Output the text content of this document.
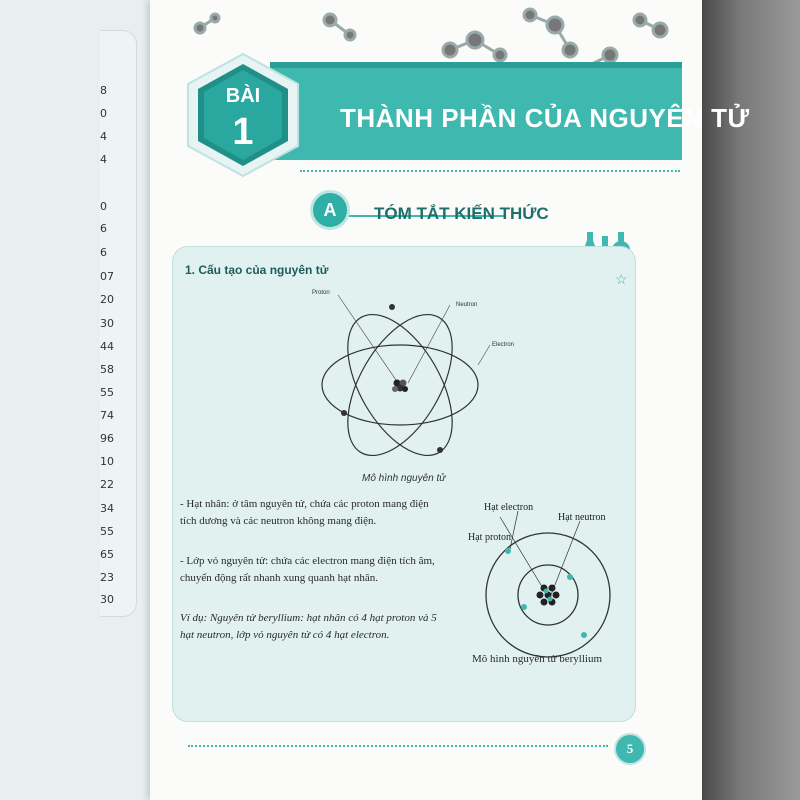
8
0
4
4
0
6
6
07
20
30
44
58
55
74
96
10
22
34
55
65
23
30
THÀNH PHẦN CỦA NGUYÊN TỬ
BÀI
1
A	TÓM TẮT KIẾN THỨC
1. Cấu tạo của nguyên tử
☆
Proton
Neutron
Electron
Mô hình nguyên tử
- Hạt nhân: ở tâm nguyên tử, chứa các proton mang điện tích dương và các neutron không mang điện.
- Lớp vỏ nguyên tử: chứa các electron mang điện tích âm, chuyển động rất nhanh xung quanh hạt nhân.
Ví dụ: Nguyên tử beryllium: hạt nhân có 4 hạt proton và 5 hạt neutron, lớp vỏ nguyên tử có 4 hạt electron.
Hạt electron
Hạt neutron
Hạt proton
Mô hình nguyên tử beryllium
5
